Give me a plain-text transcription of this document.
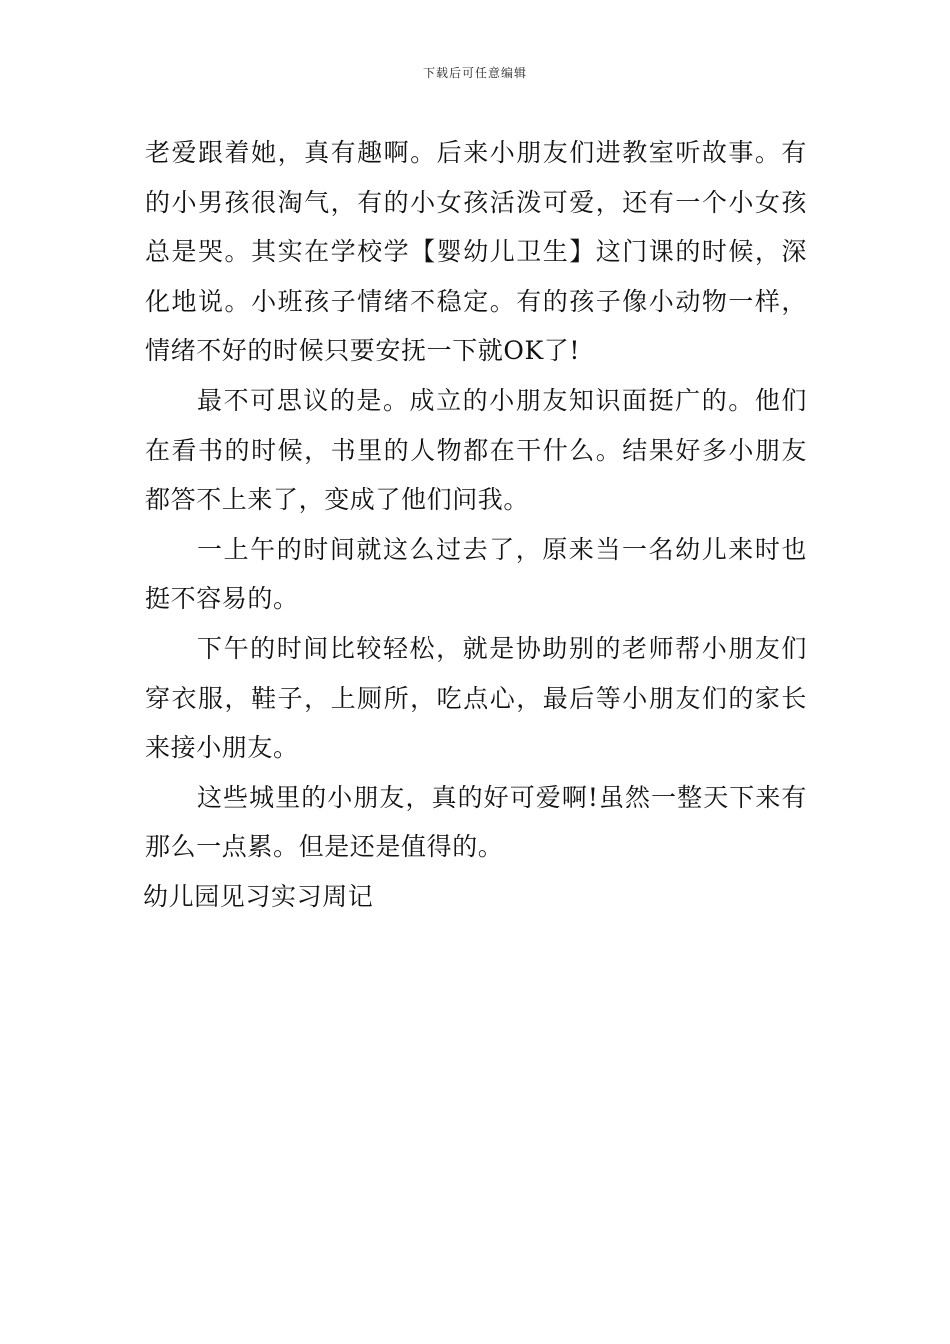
下载后可任意编辑

老爱跟着她，真有趣啊。后来小朋友们进教室听故事。有的小男孩很淘气，有的小女孩活泼可爱，还有一个小女孩总是哭。其实在学校学【婴幼儿卫生】这门课的时候，深化地说。小班孩子情绪不稳定。有的孩子像小动物一样，情绪不好的时候只要安抚一下就OK了!

最不可思议的是。成立的小朋友知识面挺广的。他们在看书的时候，书里的人物都在干什么。结果好多小朋友都答不上来了，变成了他们问我。

一上午的时间就这么过去了，原来当一名幼儿来时也挺不容易的。

下午的时间比较轻松，就是协助别的老师帮小朋友们穿衣服，鞋子，上厕所，吃点心，最后等小朋友们的家长来接小朋友。

这些城里的小朋友，真的好可爱啊!虽然一整天下来有那么一点累。但是还是值得的。

幼儿园见习实习周记
